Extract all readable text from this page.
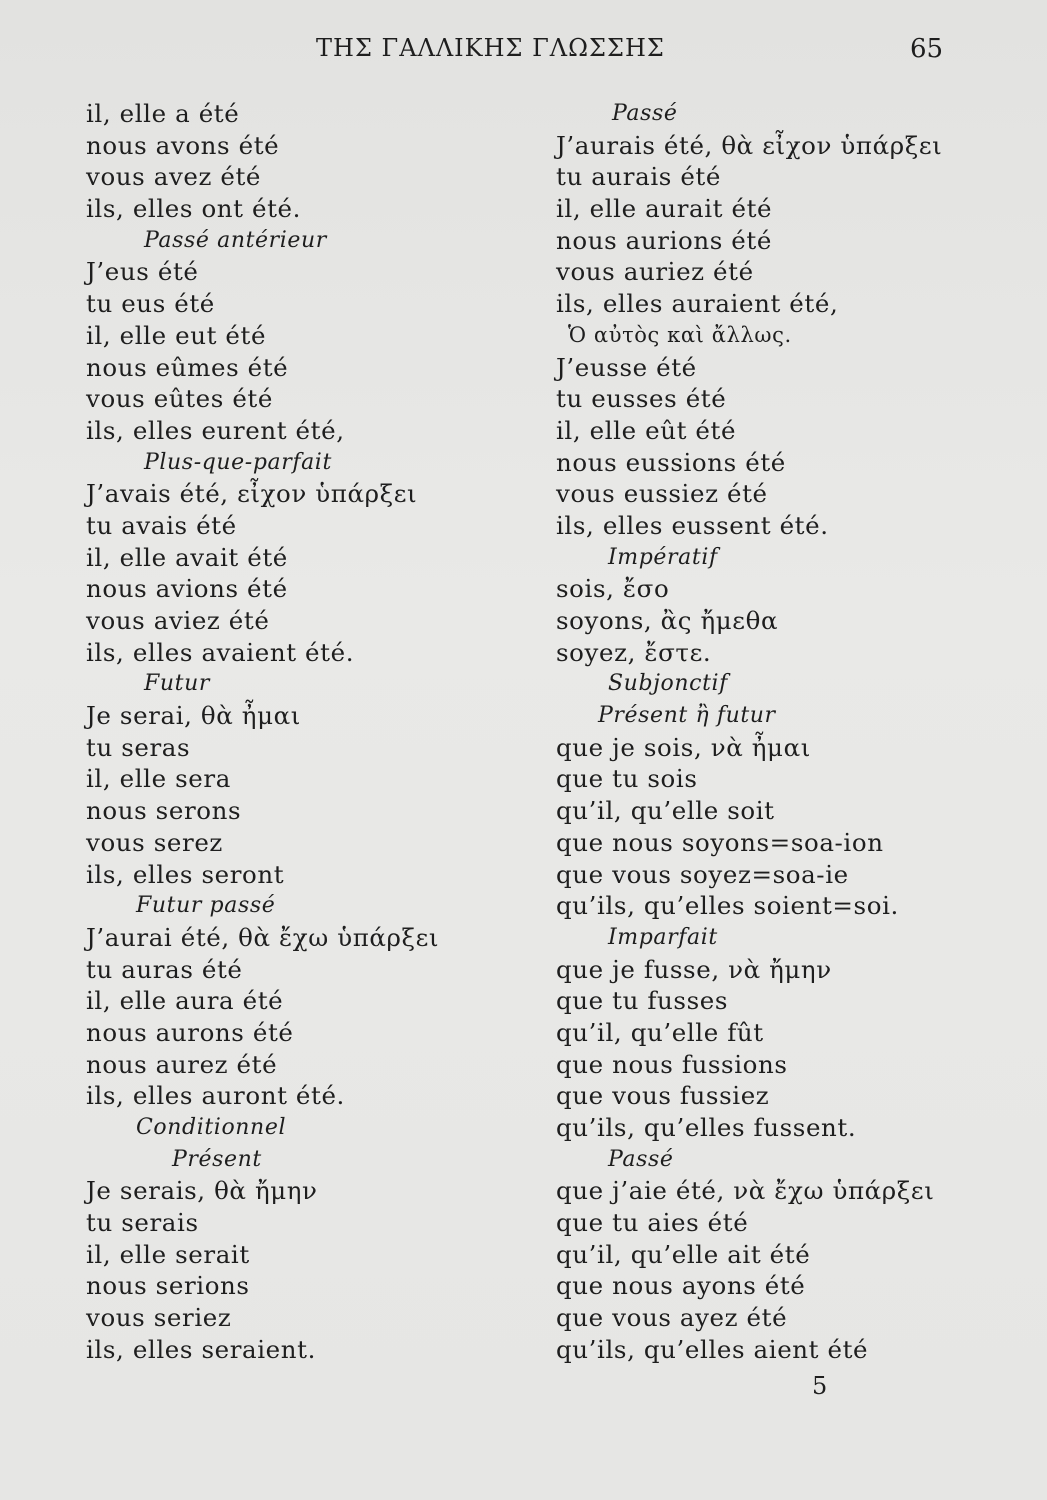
ΤΗΣ ΓΑΛΛΙΚΗΣ ΓΛΩΣΣΗΣ	65
il, elle a été
nous avons été
vous avez été
ils, elles ont été.
Passé antérieur
J’eus été
tu eus été
il, elle eut été
nous eûmes été
vous eûtes été
ils, elles eurent été,
Plus-que-parfait
J’avais été, εἶχον ὑπάρξει
tu avais été
il, elle avait été
nous avions été
vous aviez été
ils, elles avaient été.
Futur
Je serai, θὰ ἦμαι
tu seras
il, elle sera
nous serons
vous serez
ils, elles seront
Futur passé
J’aurai été, θὰ ἔχω ὑπάρξει
tu auras été
il, elle aura été
nous aurons été
nous aurez été
ils, elles auront été.
Conditionnel
Présent
Je serais, θὰ ἤμην
tu serais
il, elle serait
nous serions
vous seriez
ils, elles seraient.
Passé
J’aurais été, θὰ εἶχον ὑπάρξει
tu aurais été
il, elle aurait été
nous aurions été
vous auriez été
ils, elles auraient été,
Ὁ αὐτὸς καὶ ἄλλως.
J’eusse été
tu eusses été
il, elle eût été
nous eussions été
vous eussiez été
ils, elles eussent été.
Impératif
sois, ἔσο
soyons, ἂς ἤμεθα
soyez, ἔστε.
Subjonctif
Présent ἢ futur
que je sois, νὰ ἦμαι
que tu sois
qu’il, qu’elle soit
que nous soyons=soa-ion
que vous soyez=soa-ie
qu’ils, qu’elles soient=soi.
Imparfait
que je fusse, νὰ ἤμην
que tu fusses
qu’il, qu’elle fût
que nous fussions
que vous fussiez
qu’ils, qu’elles fussent.
Passé
que j’aie été, νὰ ἔχω ὑπάρξει
que tu aies été
qu’il, qu’elle ait été
que nous ayons été
que vous ayez été
qu’ils, qu’elles aient été
5
